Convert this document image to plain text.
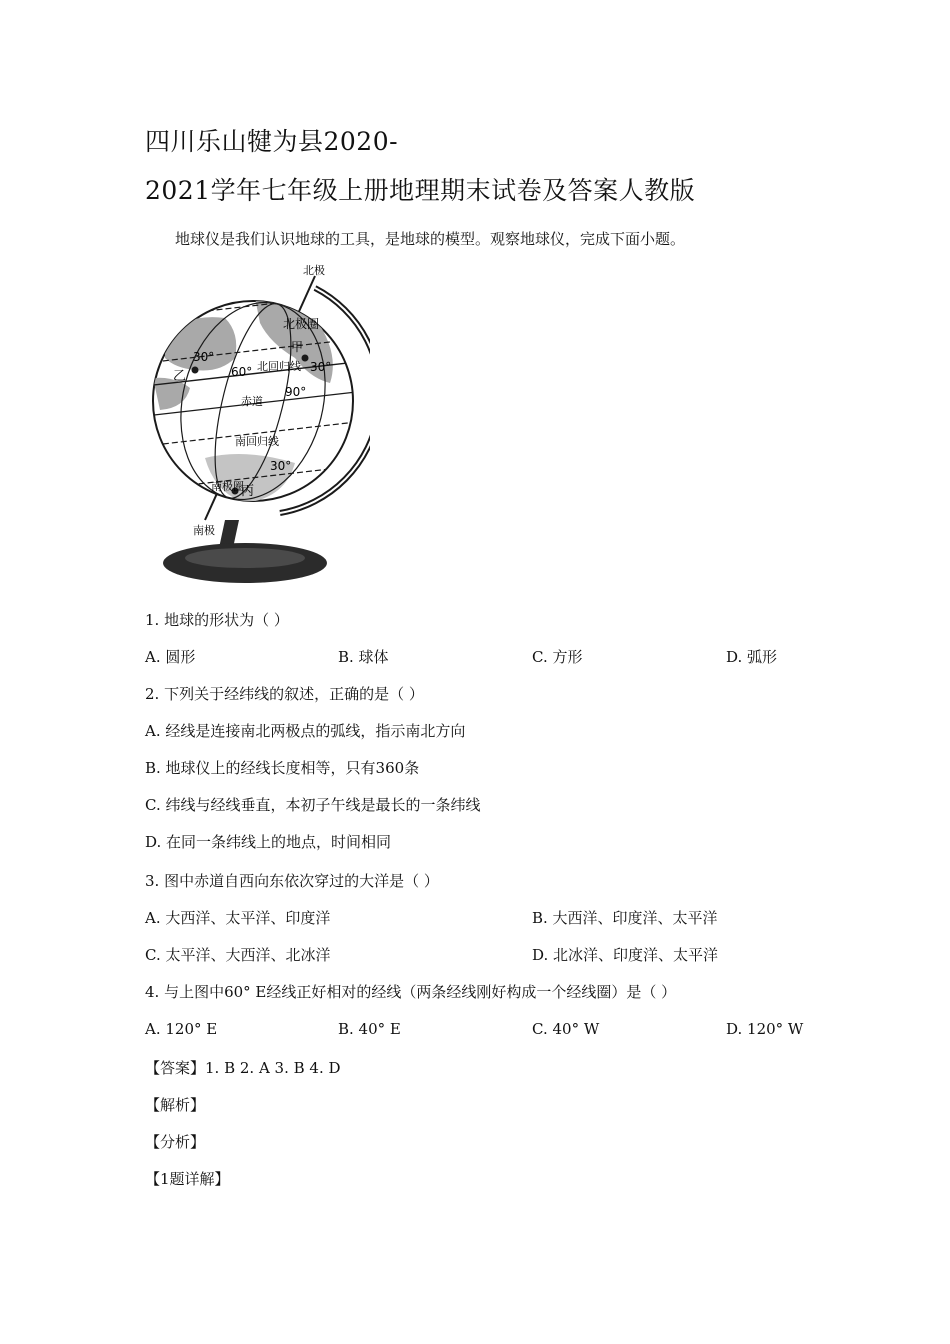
四川乐山犍为县2020-
2021学年七年级上册地理期末试卷及答案人教版
地球仪是我们认识地球的工具，是地球的模型。观察地球仪，完成下面小题。
北极
南极
北极圈
南极圈
北回归线
南回归线
赤道
甲
乙
丙
30°
60°	30°
90°
30°
1. 地球的形状为（ ）
A. 圆形	B. 球体	C. 方形	D. 弧形
2. 下列关于经纬线的叙述，正确的是（ ）
A. 经线是连接南北两极点的弧线，指示南北方向
B. 地球仪上的经线长度相等，只有360条
C. 纬线与经线垂直，本初子午线是最长的一条纬线
D. 在同一条纬线上的地点，时间相同
3. 图中赤道自西向东依次穿过的大洋是（ ）
A. 大西洋、太平洋、印度洋	B. 大西洋、印度洋、太平洋
C. 太平洋、大西洋、北冰洋	D. 北冰洋、印度洋、太平洋
4. 与上图中60° E经线正好相对的经线（两条经线刚好构成一个经线圈）是（ ）
A. 120° E	B. 40° E	C. 40° W	D. 120° W
【答案】1. B 2. A 3. B 4. D
【解析】
【分析】
【1题详解】
